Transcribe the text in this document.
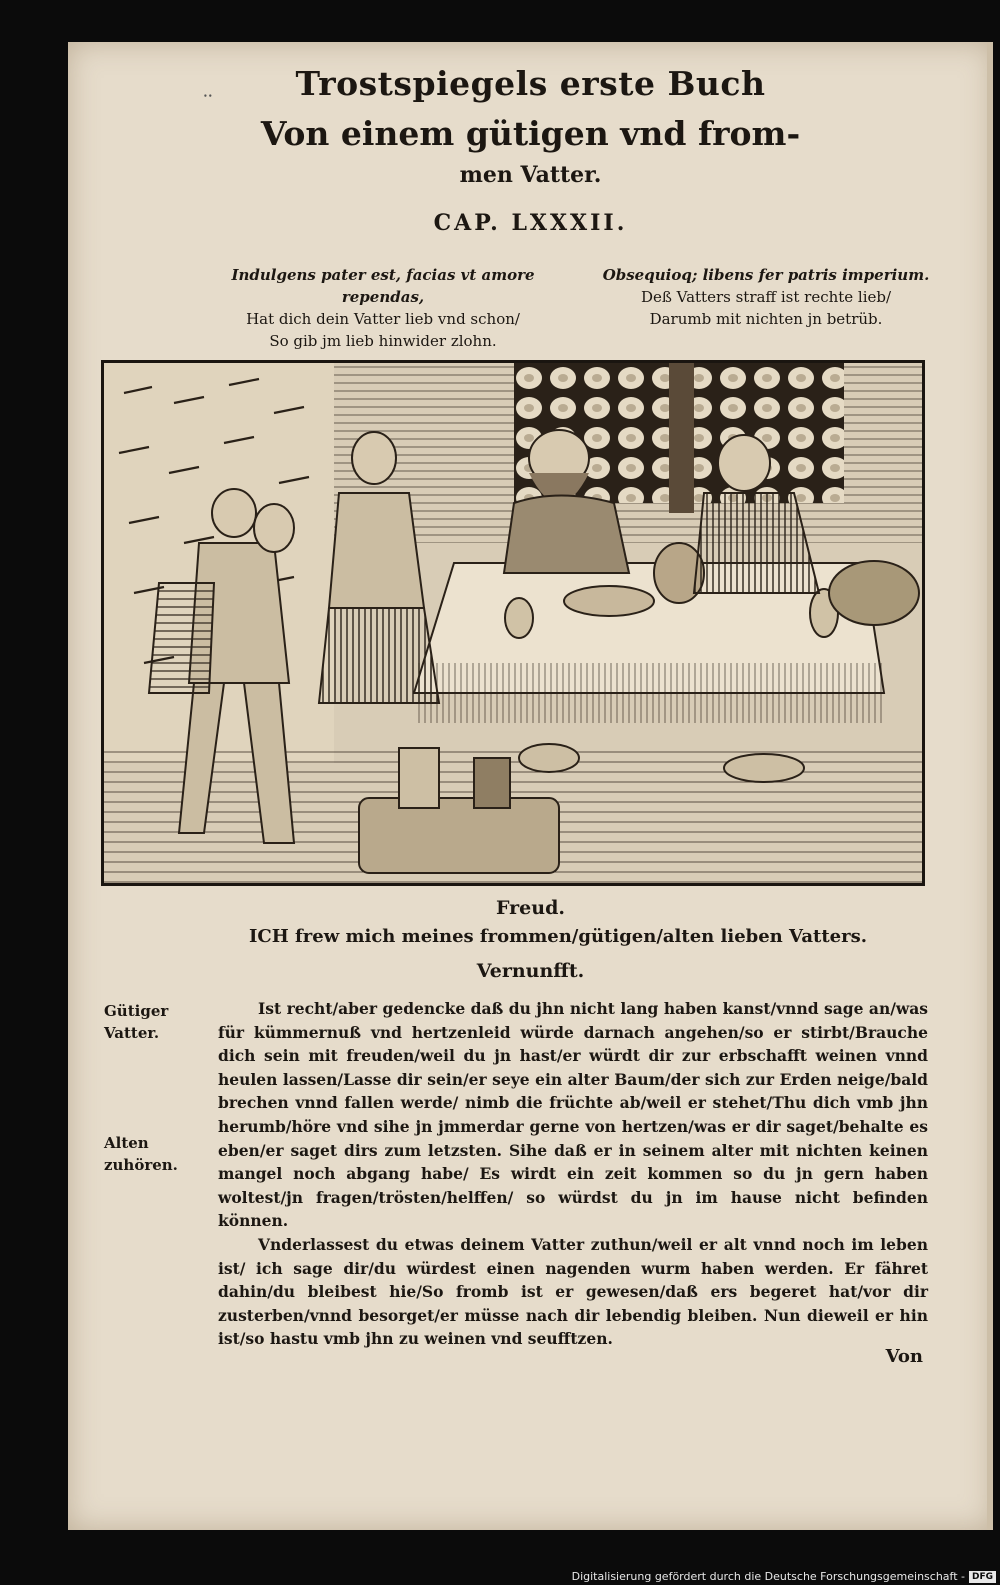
⸱⸱	Trostspiegels erste Buch
Von einem gütigen vnd from-
men Vatter.
CAP. LXXXII.
Indulgens pater est, facias vt amore rependas,
Hat dich dein Vatter lieb vnd schon/
So gib jm lieb hinwider zlohn.
Obsequioq; libens fer patris imperium.
Deß Vatters straff ist rechte lieb/
Darumb mit nichten jn betrüb.
Freud.
ICH frew mich meines frommen/gütigen/alten lieben Vatters.
Vernunfft.
Gütiger Vatter.
Alten zuhören.

Ist recht/aber gedencke daß du jhn nicht lang haben kanst/vnnd sage an/was für kümmernuß vnd hertzenleid würde darnach angehen/so er stirbt/Brauche dich sein mit freuden/weil du jn hast/er würdt dir zur erbschafft weinen vnnd heulen lassen/Lasse dir sein/er seye ein alter Baum/der sich zur Erden neige/bald brechen vnnd fallen werde/ nimb die früchte ab/weil er stehet/Thu dich vmb jhn herumb/höre vnd sihe jn jmmerdar gerne von hertzen/was er dir saget/behalte es eben/er saget dirs zum letzsten. Sihe daß er in seinem alter mit nichten keinen mangel noch abgang habe/ Es wirdt ein zeit kommen so du jn gern haben woltest/jn fragen/trösten/helffen/ so würdst du jn im hause nicht befinden können.

Vnderlassest du etwas deinem Vatter zuthun/weil er alt vnnd noch im leben ist/ ich sage dir/du würdest einen nagenden wurm haben werden. Er fähret dahin/du bleibest hie/So fromb ist er gewesen/daß ers begeret hat/vor dir zusterben/vnnd besorget/er müsse nach dir lebendig bleiben. Nun dieweil er hin ist/so hastu vmb jhn zu weinen vnd seufftzen.

Von
Digitalisierung gefördert durch die Deutsche Forschungsgemeinschaft - DFG
